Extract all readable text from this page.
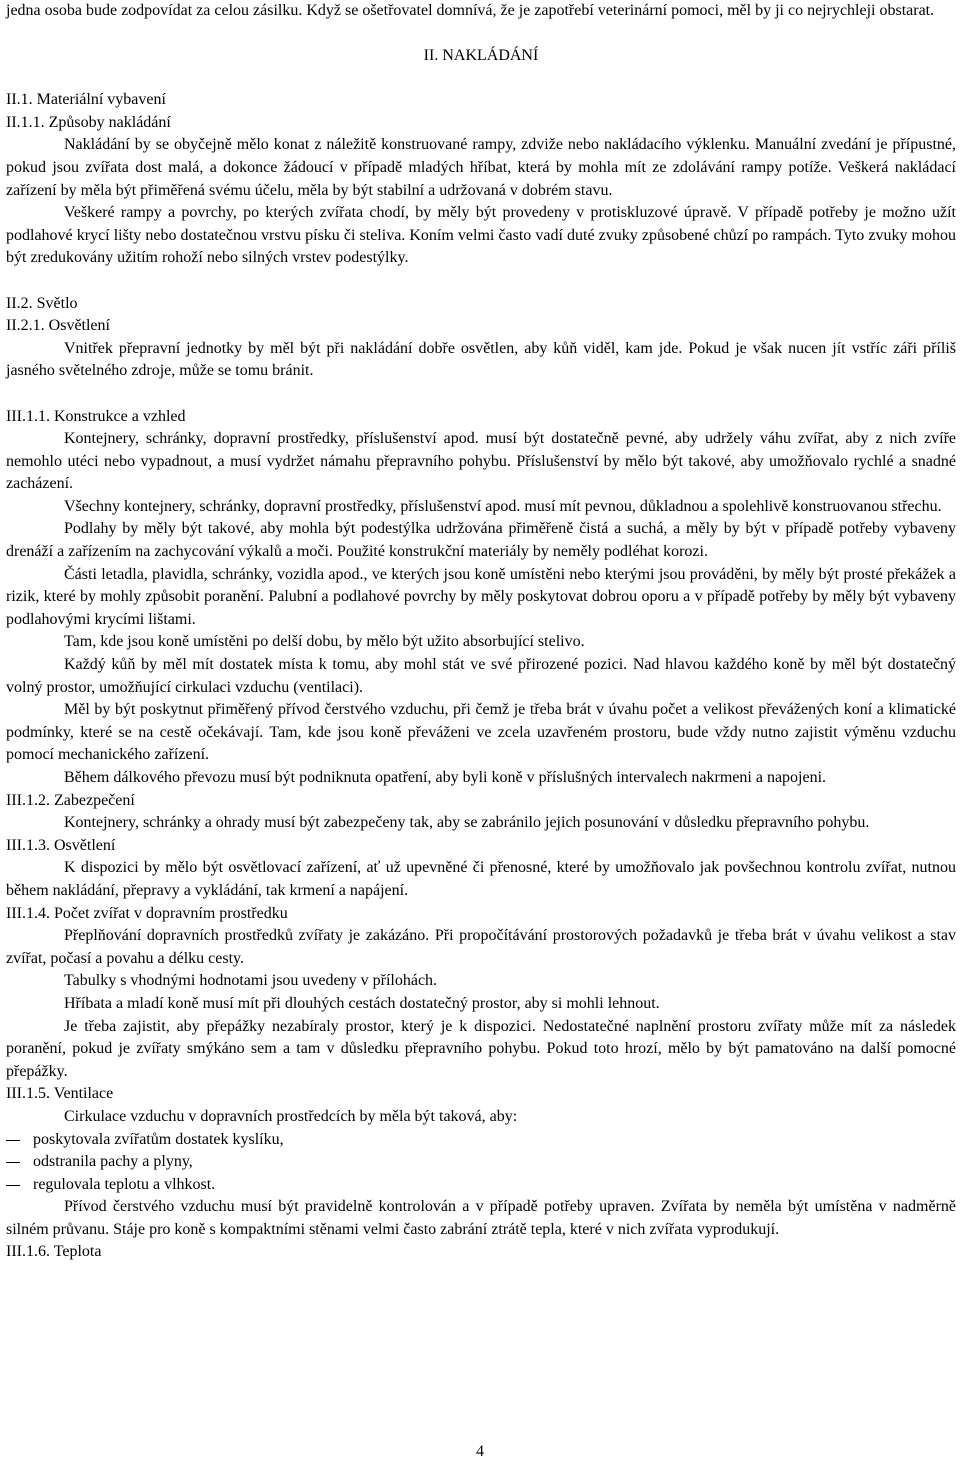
jedna osoba bude zodpovídat za celou zásilku. Když se ošetřovatel domnívá, že je zapotřebí veterinární pomoci, měl by ji co nejrychleji obstarat.

II. NAKLÁDÁNÍ

II.1. Materiální vybavení

II.1.1. Způsoby nakládání

Nakládání by se obyčejně mělo konat z náležitě konstruované rampy, zdviže nebo nakládacího výklenku. Manuální zvedání je přípustné, pokud jsou zvířata dost malá, a dokonce žádoucí v případě mladých hříbat, která by mohla mít ze zdolávání rampy potíže. Veškerá nakládací zařízení by měla být přiměřená svému účelu, měla by být stabilní a udržovaná v dobrém stavu.

Veškeré rampy a povrchy, po kterých zvířata chodí, by měly být provedeny v protiskluzové úpravě. V případě potřeby je možno užít podlahové krycí lišty nebo dostatečnou vrstvu písku či steliva. Koním velmi často vadí duté zvuky způsobené chůzí po rampách. Tyto zvuky mohou být zredukovány užitím rohoží nebo silných vrstev podestýlky.

II.2. Světlo

II.2.1. Osvětlení

Vnitřek přepravní jednotky by měl být při nakládání dobře osvětlen, aby kůň viděl, kam jde. Pokud je však nucen jít vstříc záři příliš jasného světelného zdroje, může se tomu bránit.

III.1.1. Konstrukce a vzhled

Kontejnery, schránky, dopravní prostředky, příslušenství apod. musí být dostatečně pevné, aby udržely váhu zvířat, aby z nich zvíře nemohlo utéci nebo vypadnout, a musí vydržet námahu přepravního pohybu. Příslušenství by mělo být takové, aby umožňovalo rychlé a snadné zacházení.

Všechny kontejnery, schránky, dopravní prostředky, příslušenství apod. musí mít pevnou, důkladnou a spolehlivě konstruovanou střechu.

Podlahy by měly být takové, aby mohla být podestýlka udržována přiměřeně čistá a suchá, a měly by být v případě potřeby vybaveny drenáží a zařízením na zachycování výkalů a moči. Použité konstrukční materiály by neměly podléhat korozi.

Části letadla, plavidla, schránky, vozidla apod., ve kterých jsou koně umístěni nebo kterými jsou prováděni, by měly být prosté překážek a rizik, které by mohly způsobit poranění. Palubní a podlahové povrchy by měly poskytovat dobrou oporu a v případě potřeby by měly být vybaveny podlahovými krycími lištami.

Tam, kde jsou koně umístěni po delší dobu, by mělo být užito absorbující stelivo.

Každý kůň by měl mít dostatek místa k tomu, aby mohl stát ve své přirozené pozici. Nad hlavou každého koně by měl být dostatečný volný prostor, umožňující cirkulaci vzduchu (ventilaci).

Měl by být poskytnut přiměřený přívod čerstvého vzduchu, při čemž je třeba brát v úvahu počet a velikost převážených koní a klimatické podmínky, které se na cestě očekávají. Tam, kde jsou koně převáženi ve zcela uzavřeném prostoru, bude vždy nutno zajistit výměnu vzduchu pomocí mechanického zařízení.

Během dálkového převozu musí být podniknuta opatření, aby byli koně v příslušných intervalech nakrmeni a napojeni.

III.1.2. Zabezpečení

Kontejnery, schránky a ohrady musí být zabezpečeny tak, aby se zabránilo jejich posunování v důsledku přepravního pohybu.

III.1.3. Osvětlení

K dispozici by mělo být osvětlovací zařízení, ať už upevněné či přenosné, které by umožňovalo jak povšechnou kontrolu zvířat, nutnou během nakládání, přepravy a vykládání, tak krmení a napájení.

III.1.4. Počet zvířat v dopravním prostředku

Přeplňování dopravních prostředků zvířaty je zakázáno. Při propočítávání prostorových požadavků je třeba brát v úvahu velikost a stav zvířat, počasí a povahu a délku cesty.

Tabulky s vhodnými hodnotami jsou uvedeny v přílohách.

Hříbata a mladí koně musí mít při dlouhých cestách dostatečný prostor, aby si mohli lehnout.

Je třeba zajistit, aby přepážky nezabíraly prostor, který je k dispozici. Nedostatečné naplnění prostoru zvířaty může mít za následek poranění, pokud je zvířaty smýkáno sem a tam v důsledku přepravního pohybu. Pokud toto hrozí, mělo by být pamatováno na další pomocné přepážky.

III.1.5. Ventilace

Cirkulace vzduchu v dopravních prostředcích by měla být taková, aby:

poskytovala zvířatům dostatek kyslíku,
odstranila pachy a plyny,
regulovala teplotu a vlhkost.

Přívod čerstvého vzduchu musí být pravidelně kontrolován a v případě potřeby upraven. Zvířata by neměla být umístěna v nadměrně silném průvanu. Stáje pro koně s kompaktními stěnami velmi často zabrání ztrátě tepla, které v nich zvířata vyprodukují.

III.1.6. Teplota

4
